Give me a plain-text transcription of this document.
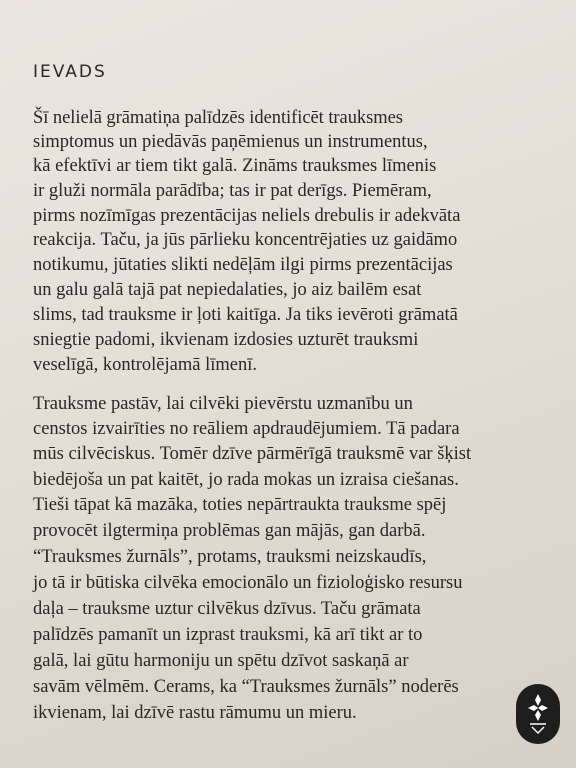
IEVADS
Šī nelielā grāmatiņa palīdzēs identificēt trauksmes
simptomus un piedāvās paņēmienus un instrumentus,
kā efektīvi ar tiem tikt galā. Zināms trauksmes līmenis
ir gluži normāla parādība; tas ir pat derīgs. Piemēram,
pirms nozīmīgas prezentācijas neliels drebulis ir adekvāta
reakcija. Taču, ja jūs pārlieku koncentrējaties uz gaidāmo
notikumu, jūtaties slikti nedēļām ilgi pirms prezentācijas
un galu galā tajā pat nepiedalaties, jo aiz bailēm esat
slims, tad trauksme ir ļoti kaitīga. Ja tiks ievēroti grāmatā
sniegtie padomi, ikvienam izdosies uzturēt trauksmi
veselīgā, kontrolējamā līmenī.
Trauksme pastāv, lai cilvēki pievērstu uzmanību un
censtos izvairīties no reāliem apdraudējumiem. Tā padara
mūs cilvēciskus. Tomēr dzīve pārmērīgā trauksmē var šķist
biedējoša un pat kaitēt, jo rada mokas un izraisa ciešanas.
Tieši tāpat kā mazāka, toties nepārtraukta trauksme spēj
provocēt ilgtermiņa problēmas gan mājās, gan darbā.
“Trauksmes žurnāls”, protams, trauksmi neizskaudīs,
jo tā ir būtiska cilvēka emocionālo un fizioloģisko resursu
daļa – trauksme uztur cilvēkus dzīvus. Taču grāmata
palīdzēs pamanīt un izprast trauksmi, kā arī tikt ar to
galā, lai gūtu harmoniju un spētu dzīvot saskaņā ar
savām vēlmēm. Cerams, ka “Trauksmes žurnāls” noderēs
ikvienam, lai dzīvē rastu rāmumu un mieru.
